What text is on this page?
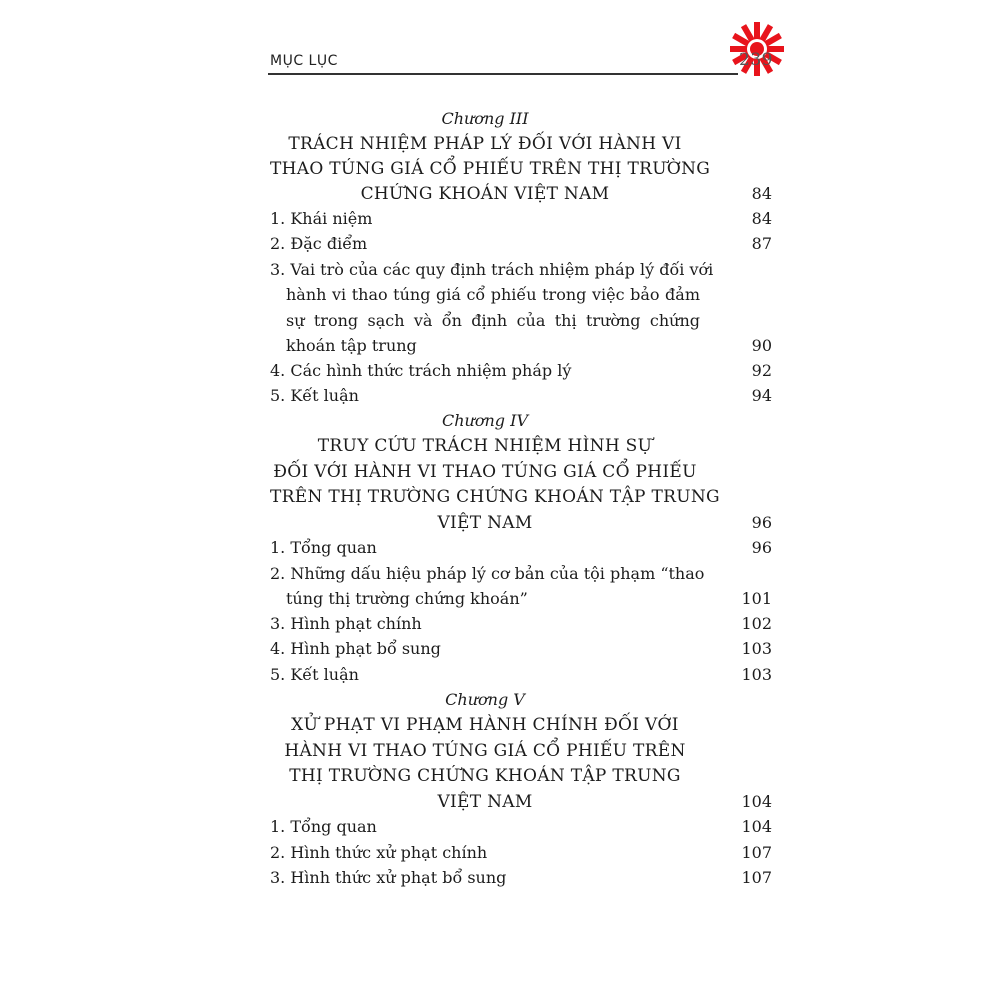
MỤC LỤC	239
Chương III
TRÁCH NHIỆM PHÁP LÝ ĐỐI VỚI HÀNH VI
THAO TÚNG GIÁ CỔ PHIẾU TRÊN THỊ TRƯỜNG
CHỨNG KHOÁN VIỆT NAM	84
1. Khái niệm	84
2. Đặc điểm	87
3. Vai trò của các quy định trách nhiệm pháp lý đối với
hành vi thao túng giá cổ phiếu trong việc bảo đảm
sự trong sạch và ổn định của thị trường chứng
khoán tập trung	90
4. Các hình thức trách nhiệm pháp lý	92
5. Kết luận	94
Chương IV
TRUY CỨU TRÁCH NHIỆM HÌNH SỰ
ĐỐI VỚI HÀNH VI THAO TÚNG GIÁ CỔ PHIẾU
TRÊN THỊ TRƯỜNG CHỨNG KHOÁN TẬP TRUNG
VIỆT NAM	96
1. Tổng quan	96
2. Những dấu hiệu pháp lý cơ bản của tội phạm “thao
túng thị trường chứng khoán”	101
3. Hình phạt chính	102
4. Hình phạt bổ sung	103
5. Kết luận	103
Chương V
XỬ PHẠT VI PHẠM HÀNH CHÍNH ĐỐI VỚI
HÀNH VI THAO TÚNG GIÁ CỔ PHIẾU TRÊN
THỊ TRƯỜNG CHỨNG KHOÁN TẬP TRUNG
VIỆT NAM	104
1. Tổng quan	104
2. Hình thức xử phạt chính	107
3. Hình thức xử phạt bổ sung	107
